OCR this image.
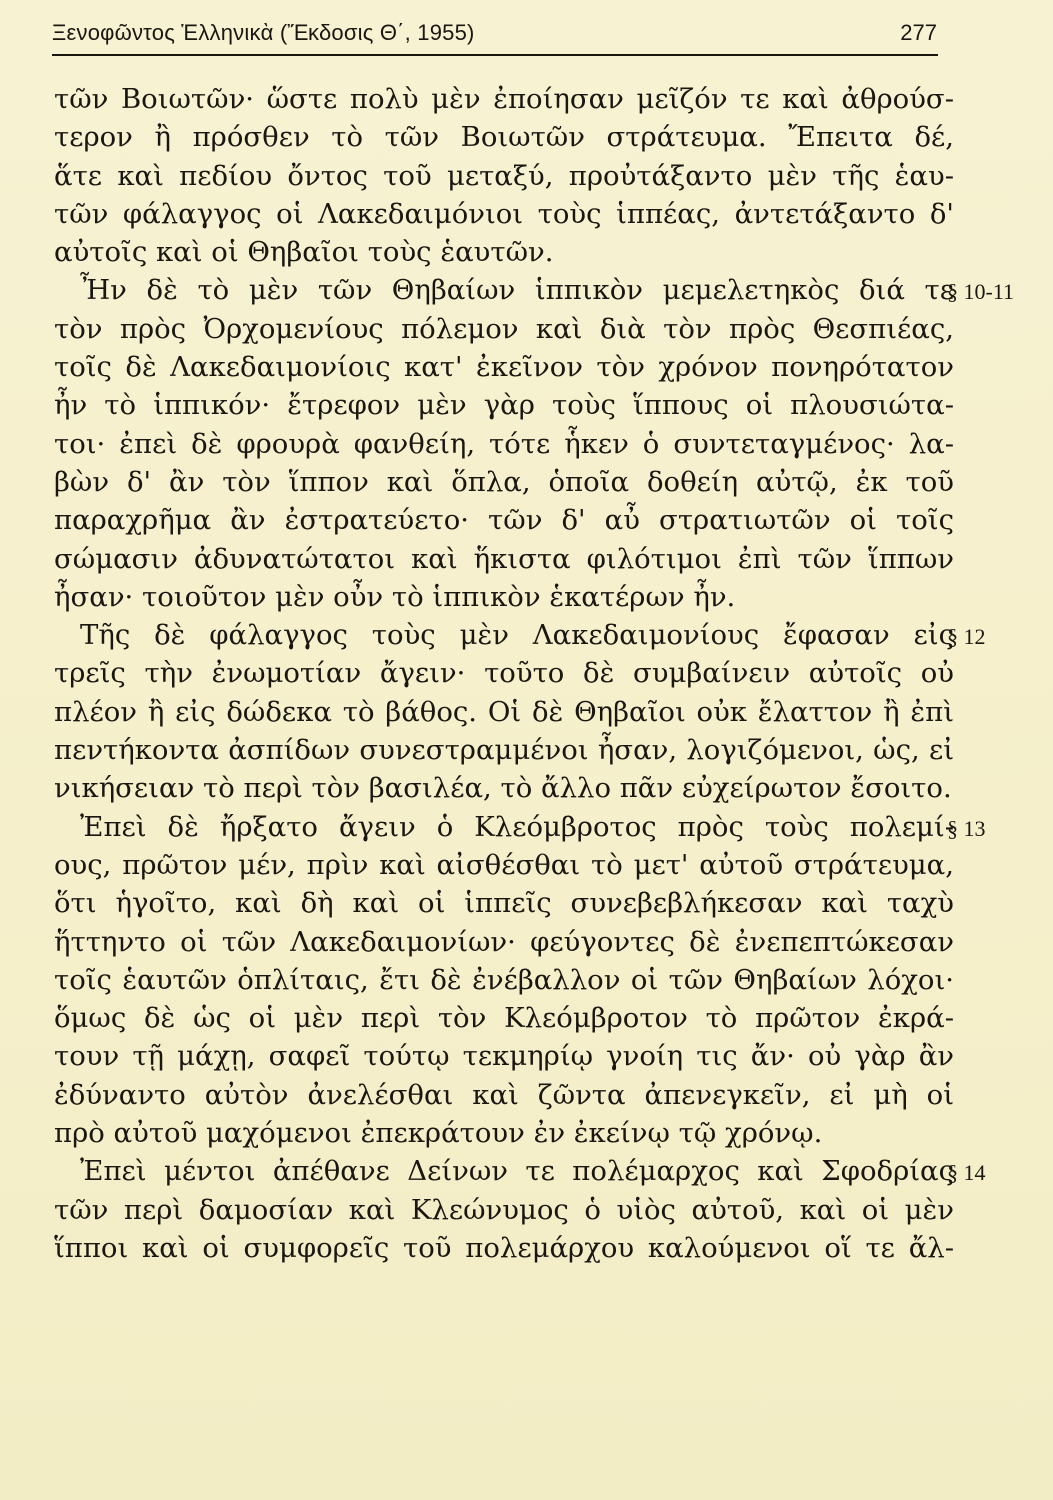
Ξενοφῶντος Ἑλληνικὰ (Ἔκδοσις Θ΄, 1955)	277
τῶν Βοιωτῶν· ὥστε πολὺ μὲν ἐποίησαν μεῖζόν τε καὶ ἀθρούσ-
τερον ἢ πρόσθεν τὸ τῶν Βοιωτῶν στράτευμα. Ἔπειτα δέ,
ἅτε καὶ πεδίου ὄντος τοῦ μεταξύ, προὐτάξαντο μὲν τῆς ἑαυ-
τῶν φάλαγγος οἱ Λακεδαιμόνιοι τοὺς ἱππέας, ἀντετάξαντο δ'
αὐτοῖς καὶ οἱ Θηβαῖοι τοὺς ἑαυτῶν.
Ἦν δὲ τὸ μὲν τῶν Θηβαίων ἱππικὸν μεμελετηκὸς διά τε
§ 10-11
τὸν πρὸς Ὀρχομενίους πόλεμον καὶ διὰ τὸν πρὸς Θεσπιέας,
τοῖς δὲ Λακεδαιμονίοις κατ' ἐκεῖνον τὸν χρόνον πονηρότατον
ἦν τὸ ἱππικόν· ἔτρεφον μὲν γὰρ τοὺς ἵππους οἱ πλουσιώτα-
τοι· ἐπεὶ δὲ φρουρὰ φανθείη, τότε ἧκεν ὁ συντεταγμένος· λα-
βὼν δ' ἂν τὸν ἵππον καὶ ὅπλα, ὁποῖα δοθείη αὐτῷ, ἐκ τοῦ
παραχρῆμα ἂν ἐστρατεύετο· τῶν δ' αὖ στρατιωτῶν οἱ τοῖς
σώμασιν ἀδυνατώτατοι καὶ ἥκιστα φιλότιμοι ἐπὶ τῶν ἵππων
ἦσαν· τοιοῦτον μὲν οὖν τὸ ἱππικὸν ἑκατέρων ἦν.
Τῆς δὲ φάλαγγος τοὺς μὲν Λακεδαιμονίους ἔφασαν εἰς
§ 12
τρεῖς τὴν ἐνωμοτίαν ἄγειν· τοῦτο δὲ συμβαίνειν αὐτοῖς οὐ
πλέον ἢ εἰς δώδεκα τὸ βάθος. Οἱ δὲ Θηβαῖοι οὐκ ἔλαττον ἢ ἐπὶ
πεντήκοντα ἀσπίδων συνεστραμμένοι ἦσαν, λογιζόμενοι, ὡς, εἰ
νικήσειαν τὸ περὶ τὸν βασιλέα, τὸ ἄλλο πᾶν εὐχείρωτον ἔσοιτο.
Ἐπεὶ δὲ ἤρξατο ἄγειν ὁ Κλεόμβροτος πρὸς τοὺς πολεμί-
§ 13
ους, πρῶτον μέν, πρὶν καὶ αἰσθέσθαι τὸ μετ' αὐτοῦ στράτευμα,
ὅτι ἡγοῖτο, καὶ δὴ καὶ οἱ ἱππεῖς συνεβεβλήκεσαν καὶ ταχὺ
ἥττηντο οἱ τῶν Λακεδαιμονίων· φεύγοντες δὲ ἐνεπεπτώκεσαν
τοῖς ἑαυτῶν ὁπλίταις, ἔτι δὲ ἐνέβαλλον οἱ τῶν Θηβαίων λόχοι·
ὅμως δὲ ὡς οἱ μὲν περὶ τὸν Κλεόμβροτον τὸ πρῶτον ἐκρά-
τουν τῇ μάχῃ, σαφεῖ τούτῳ τεκμηρίῳ γνοίη τις ἄν· οὐ γὰρ ἂν
ἐδύναντο αὐτὸν ἀνελέσθαι καὶ ζῶντα ἀπενεγκεῖν, εἰ μὴ οἱ
πρὸ αὐτοῦ μαχόμενοι ἐπεκράτουν ἐν ἐκείνῳ τῷ χρόνῳ.
Ἐπεὶ μέντοι ἀπέθανε Δείνων τε πολέμαρχος καὶ Σφοδρίας
§ 14
τῶν περὶ δαμοσίαν καὶ Κλεώνυμος ὁ υἱὸς αὐτοῦ, καὶ οἱ μὲν
ἵπποι καὶ οἱ συμφορεῖς τοῦ πολεμάρχου καλούμενοι οἵ τε ἄλ-
